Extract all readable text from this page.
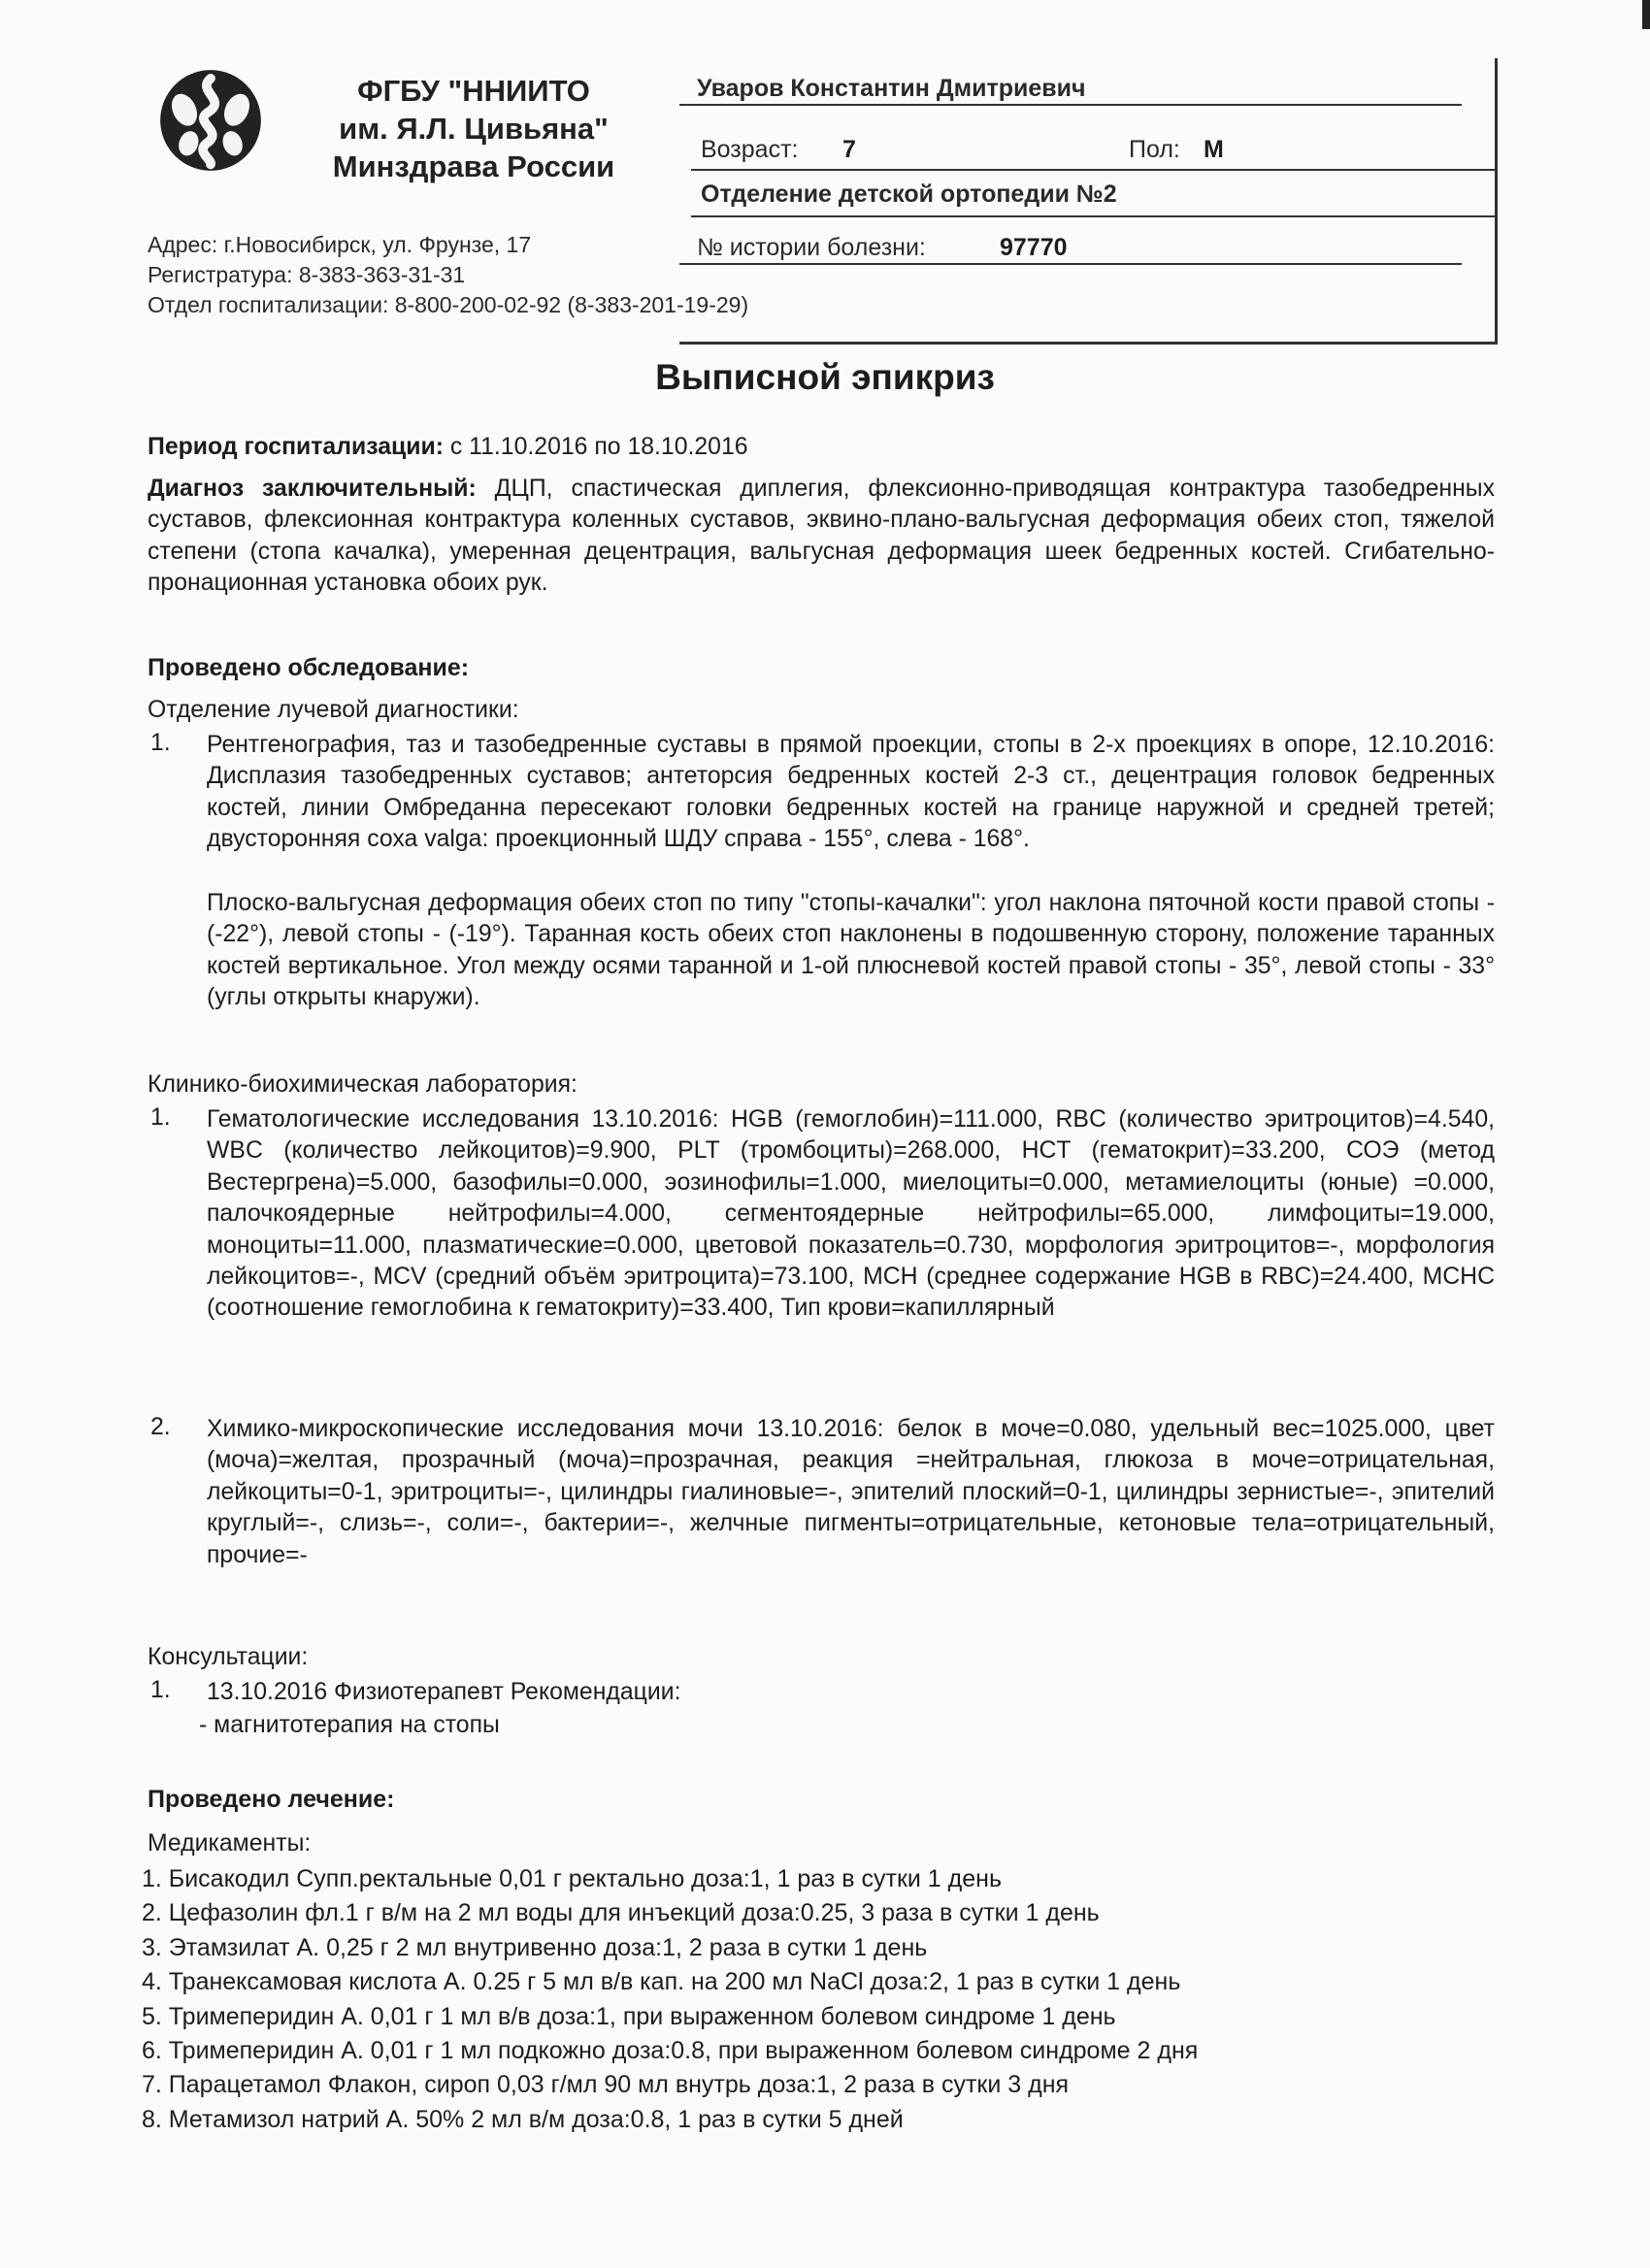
ФГБУ "ННИИТО
им. Я.Л. Цивьяна"
Минздрава России
Адрес: г.Новосибирск, ул. Фрунзе, 17
Регистратура: 8-383-363-31-31
Отдел госпитализации: 8-800-200-02-92 (8-383-201-19-29)
Уваров Константин Дмитриевич
Возраст: 7	Пол: М
Отделение детской ортопедии №2
№ истории болезни:	97770
Выписной эпикриз
Период госпитализации: с 11.10.2016 по 18.10.2016
Диагноз заключительный: ДЦП, спастическая диплегия, флексионно-приводящая контрактура тазобедренных суставов, флексионная контрактура коленных суставов, эквино-плано-вальгусная деформация обеих стоп, тяжелой степени (стопа качалка), умеренная децентрация, вальгусная деформация шеек бедренных костей. Сгибательно-пронационная установка обоих рук.
Проведено обследование:
Отделение лучевой диагностики:
1. Рентгенография, таз и тазобедренные суставы в прямой проекции, стопы в 2-х проекциях в опоре, 12.10.2016: Дисплазия тазобедренных суставов; антеторсия бедренных костей 2-3 ст., децентрация головок бедренных костей, линии Омбреданна пересекают головки бедренных костей на границе наружной и средней третей; двусторонняя соха valga: проекционный ШДУ справа - 155°, слева - 168°.
Плоско-вальгусная деформация обеих стоп по типу "стопы-качалки": угол наклона пяточной кости правой стопы - (-22°), левой стопы - (-19°). Таранная кость обеих стоп наклонены в подошвенную сторону, положение таранных костей вертикальное. Угол между осями таранной и 1-ой плюсневой костей правой стопы - 35°, левой стопы - 33° (углы открыты кнаружи).
Клинико-биохимическая лаборатория:
1. Гематологические исследования 13.10.2016: HGB (гемоглобин)=111.000, RBC (количество эритроцитов)=4.540, WBC (количество лейкоцитов)=9.900, PLT (тромбоциты)=268.000, HCT (гематокрит)=33.200, СОЭ (метод Вестергрена)=5.000, базофилы=0.000, эозинофилы=1.000, миелоциты=0.000, метамиелоциты (юные) =0.000, палочкоядерные нейтрофилы=4.000, сегментоядерные нейтрофилы=65.000, лимфоциты=19.000, моноциты=11.000, плазматические=0.000, цветовой показатель=0.730, морфология эритроцитов=-, морфология лейкоцитов=-, MCV (средний объём эритроцита)=73.100, MCH (среднее содержание HGB в RBC)=24.400, MCHC (соотношение гемоглобина к гематокриту)=33.400, Тип крови=капиллярный
2. Химико-микроскопические исследования мочи 13.10.2016: белок в моче=0.080, удельный вес=1025.000, цвет (моча)=желтая, прозрачный (моча)=прозрачная, реакция =нейтральная, глюкоза в моче=отрицательная, лейкоциты=0-1, эритроциты=-, цилиндры гиалиновые=-, эпителий плоский=0-1, цилиндры зернистые=-, эпителий круглый=-, слизь=-, соли=-, бактерии=-, желчные пигменты=отрицательные, кетоновые тела=отрицательный, прочие=-
Консультации:
1. 13.10.2016 Физиотерапевт Рекомендации:
- магнитотерапия на стопы
Проведено лечение:
Медикаменты:
1. Бисакодил Супп.ректальные 0,01 г ректально доза:1, 1 раз в сутки 1 день
2. Цефазолин фл.1 г в/м на 2 мл воды для инъекций доза:0.25, 3 раза в сутки 1 день
3. Этамзилат А. 0,25 г 2 мл внутривенно доза:1, 2 раза в сутки 1 день
4. Транексамовая кислота А. 0.25 г 5 мл в/в кап. на 200 мл NaCl доза:2, 1 раз в сутки 1 день
5. Тримеперидин А. 0,01 г 1 мл в/в доза:1, при выраженном болевом синдроме 1 день
6. Тримеперидин А. 0,01 г 1 мл подкожно доза:0.8, при выраженном болевом синдроме 2 дня
7. Парацетамол Флакон, сироп 0,03 г/мл 90 мл внутрь доза:1, 2 раза в сутки 3 дня
8. Метамизол натрий А. 50% 2 мл в/м доза:0.8, 1 раз в сутки 5 дней
